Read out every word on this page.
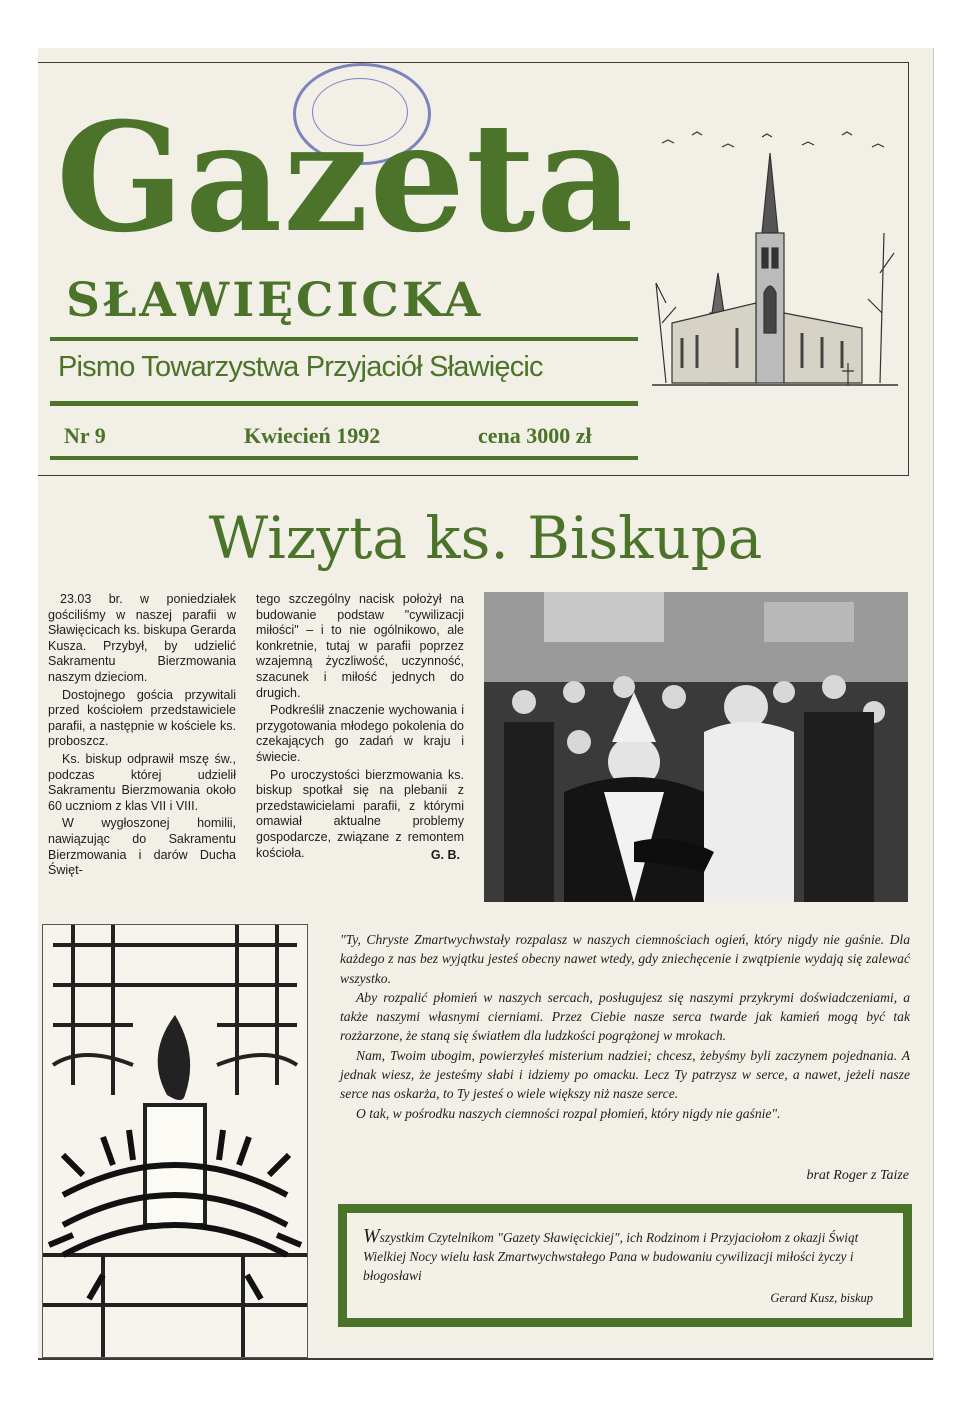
Gazeta
SŁAWIĘCICKA
Pismo Towarzystwa Przyjaciół Sławięcic
Nr 9	Kwiecień 1992	cena 3000 zł
Wizyta ks. Biskupa

23.03 br. w poniedziałek gościliśmy w naszej parafii w Sławięcicach ks. biskupa Gerarda Kusza. Przybył, by udzielić Sakramentu Bierzmowania naszym dzieciom.

Dostojnego gościa przywitali przed kościołem przedstawiciele parafii, a następnie w kościele ks. proboszcz.

Ks. biskup odprawił mszę św., podczas której udzielił Sakramentu Bierzmowania około 60 uczniom z klas VII i VIII.

W wygłoszonej homilii, nawiązując do Sakramentu Bierzmowania i darów Ducha Święt-

tego szczególny nacisk położył na budowanie podstaw "cywilizacji miłości" – i to nie ogólnikowo, ale konkretnie, tutaj w parafii poprzez wzajemną życzliwość, uczynność, szacunek i miłość jednych do drugich.

Podkreślił znaczenie wychowania i przygotowania młodego pokolenia do czekających go zadań w kraju i świecie.

Po uroczystości bierzmowania ks. biskup spotkał się na plebanii z przedstawicielami parafii, z którymi omawiał aktualne problemy gospodarcze, związane z remontem kościoła.	G. B.

"Ty, Chryste Zmartwychwstały rozpalasz w naszych ciemnościach ogień, który nigdy nie gaśnie. Dla każdego z nas bez wyjątku jesteś obecny nawet wtedy, gdy zniechęcenie i zwątpienie wydają się zalewać wszystko.

Aby rozpalić płomień w naszych sercach, posługujesz się naszymi przykrymi doświadczeniami, a także naszymi własnymi cierniami. Przez Ciebie nasze serca twarde jak kamień mogą być tak rozżarzone, że staną się światłem dla ludzkości pogrążonej w mrokach.

Nam, Twoim ubogim, powierzyłeś misterium nadziei; chcesz, żebyśmy byli zaczynem pojednania. A jednak wiesz, że jesteśmy słabi i idziemy po omacku. Lecz Ty patrzysz w serce, a nawet, jeżeli nasze serce nas oskarża, to Ty jesteś o wiele większy niż nasze serce.

O tak, w pośrodku naszych ciemności rozpal płomień, który nigdy nie gaśnie".

brat Roger z Taize
Wszystkim Czytelnikom "Gazety Sławięcickiej", ich Rodzinom i Przyjaciołom z okazji Świąt Wielkiej Nocy wielu łask Zmartwychwstałego Pana w budowaniu cywilizacji miłości życzy i błogosławi
Gerard Kusz, biskup
